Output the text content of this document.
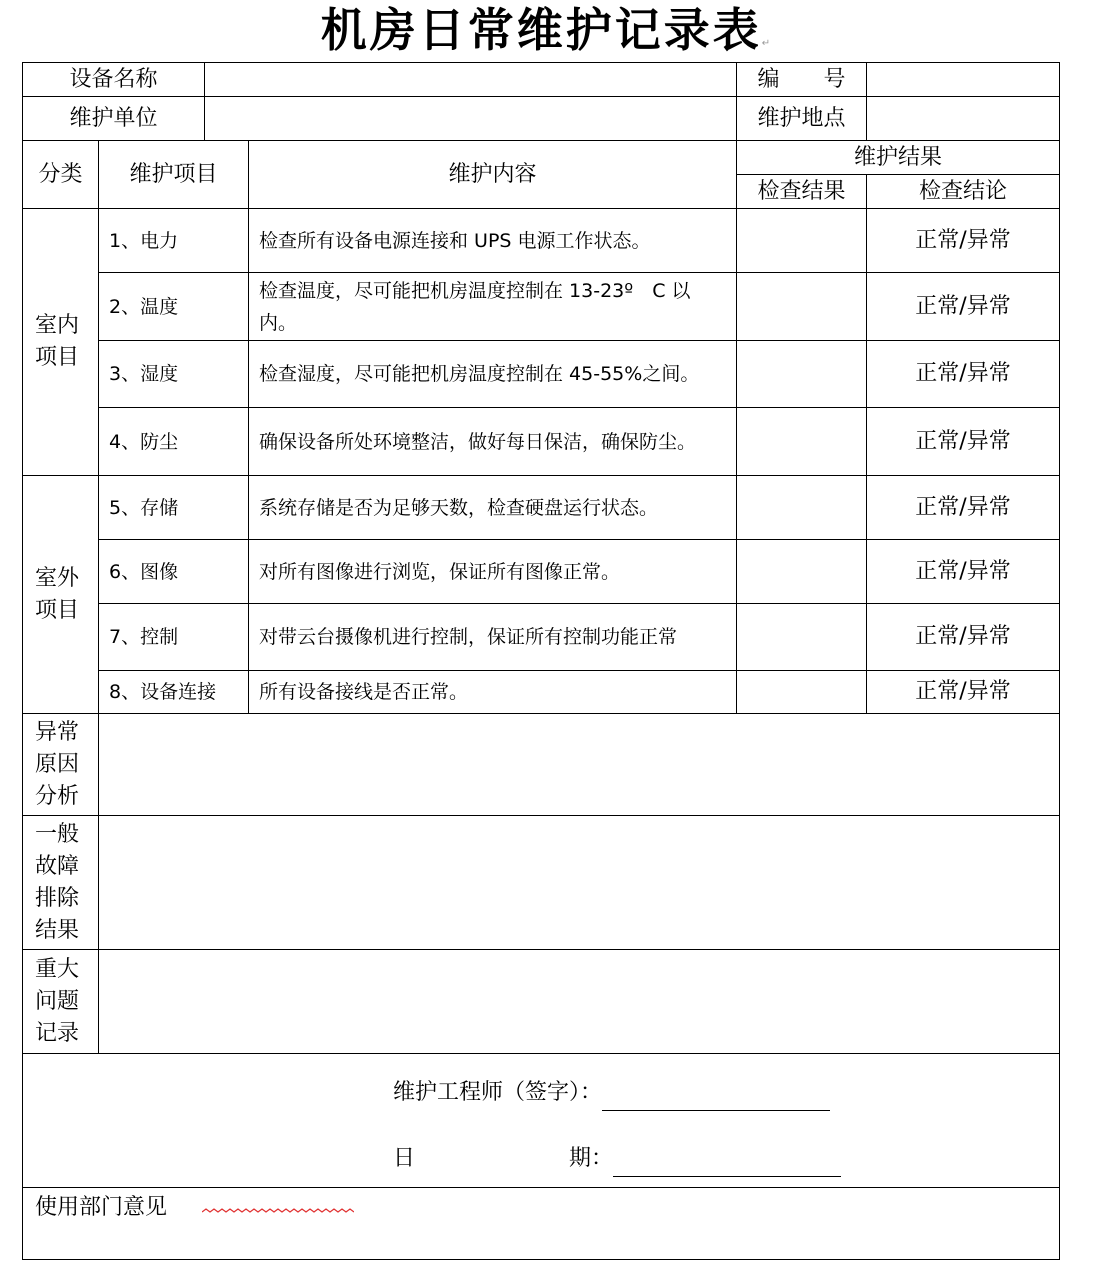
机房日常维护记录表↵
设备名称				编　　号	
维护单位				维护地点	
分类	维护项目		维护内容	维护结果	
				检查结果	检查结论
室内项目	1、电力		检查所有设备电源连接和 UPS 电源工作状态。		正常/异常
	2、温度		检查温度，尽可能把机房温度控制在 13-23º　C 以内。		正常/异常
	3、湿度		检查湿度，尽可能把机房温度控制在 45-55%之间。		正常/异常
	4、防尘		确保设备所处环境整洁，做好每日保洁，确保防尘。		正常/异常
室外项目	5、存储		系统存储是否为足够天数，检查硬盘运行状态。		正常/异常
	6、图像		对所有图像进行浏览，保证所有图像正常。		正常/异常
	7、控制		对带云台摄像机进行控制，保证所有控制功能正常		正常/异常
	8、设备连接		所有设备接线是否正常。		正常/异常
异常原因分析					
一般故障排除结果					
重大问题记录					

维护工程师（签字）：
日　　　　　　　期：					

使用部门意见					
